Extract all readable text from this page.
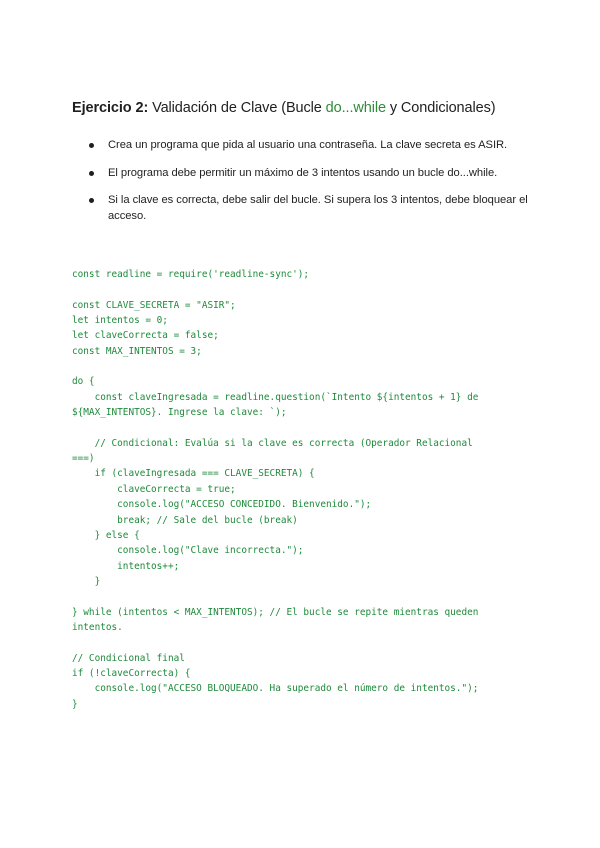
Ejercicio 2: Validación de Clave (Bucle do...while y Condicionales)
Crea un programa que pida al usuario una contraseña. La clave secreta es ASIR.
El programa debe permitir un máximo de 3 intentos usando un bucle do...while.
Si la clave es correcta, debe salir del bucle. Si supera los 3 intentos, debe bloquear el acceso.
const readline = require('readline-sync');
const CLAVE_SECRETA = "ASIR";
let intentos = 0;
let claveCorrecta = false;
const MAX_INTENTOS = 3;
do {
const claveIngresada = readline.question(`Intento ${intentos + 1} de
${MAX_INTENTOS}. Ingrese la clave: `);
// Condicional: Evalúa si la clave es correcta (Operador Relacional
===)
if (claveIngresada === CLAVE_SECRETA) {
claveCorrecta = true;
console.log("ACCESO CONCEDIDO. Bienvenido.");
break; // Sale del bucle (break)
} else {
console.log("Clave incorrecta.");
intentos++;
}
} while (intentos < MAX_INTENTOS); // El bucle se repite mientras queden
intentos.
// Condicional final
if (!claveCorrecta) {
console.log("ACCESO BLOQUEADO. Ha superado el número de intentos.");
}
